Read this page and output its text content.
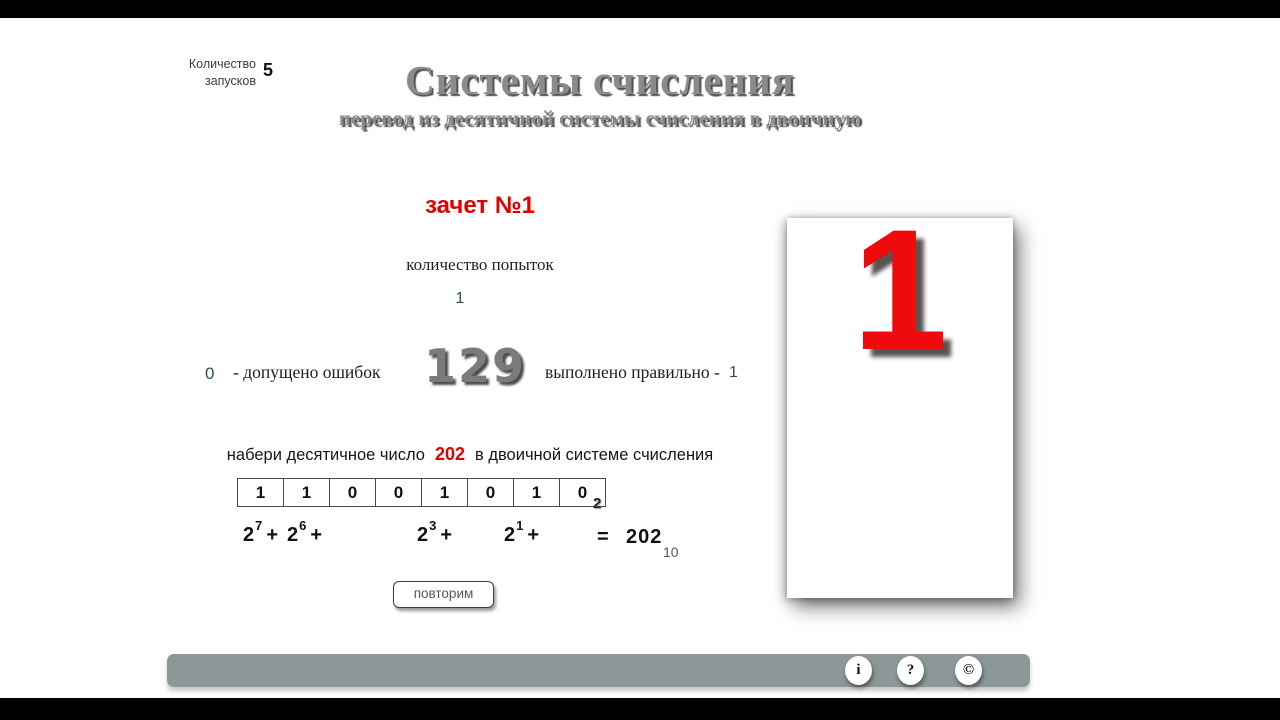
Количество
запусков
5	Системы счисления
перевод из десятичной системы счисления в двоичную
зачет №1
количество попыток
1
0 - допущено ошибок 129 выполнено правильно - 1
набери десятичное число 202 в двоичной системе счисления
1	1	0	0	1	0	1	0
2
$2^7 + 2^6$ +	$2^3$ +	$2^1$ +	= 202
10
повторим
1
i	?	©
